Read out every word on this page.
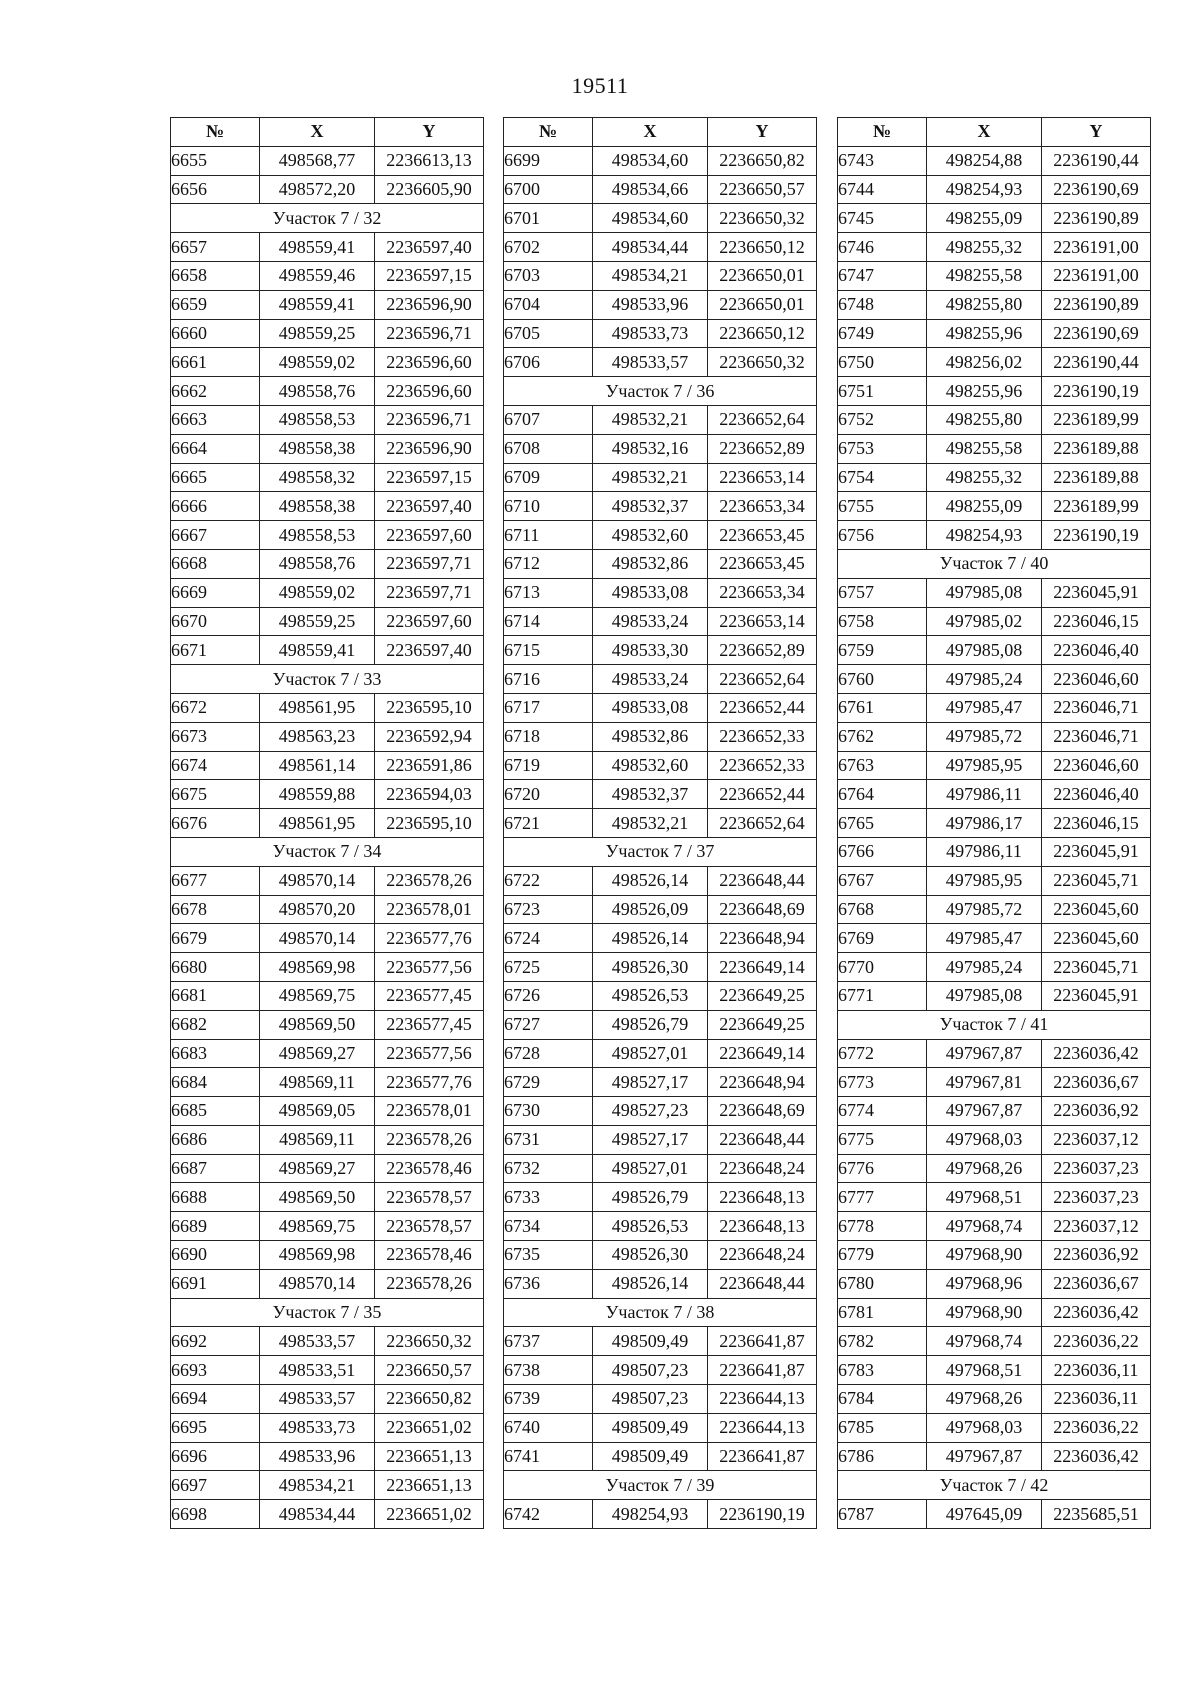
19511
№	X	Y
6655	498568,77	2236613,13
6656	498572,20	2236605,90
Участок 7 / 32		
6657	498559,41	2236597,40
6658	498559,46	2236597,15
6659	498559,41	2236596,90
6660	498559,25	2236596,71
6661	498559,02	2236596,60
6662	498558,76	2236596,60
6663	498558,53	2236596,71
6664	498558,38	2236596,90
6665	498558,32	2236597,15
6666	498558,38	2236597,40
6667	498558,53	2236597,60
6668	498558,76	2236597,71
6669	498559,02	2236597,71
6670	498559,25	2236597,60
6671	498559,41	2236597,40
Участок 7 / 33		
6672	498561,95	2236595,10
6673	498563,23	2236592,94
6674	498561,14	2236591,86
6675	498559,88	2236594,03
6676	498561,95	2236595,10
Участок 7 / 34		
6677	498570,14	2236578,26
6678	498570,20	2236578,01
6679	498570,14	2236577,76
6680	498569,98	2236577,56
6681	498569,75	2236577,45
6682	498569,50	2236577,45
6683	498569,27	2236577,56
6684	498569,11	2236577,76
6685	498569,05	2236578,01
6686	498569,11	2236578,26
6687	498569,27	2236578,46
6688	498569,50	2236578,57
6689	498569,75	2236578,57
6690	498569,98	2236578,46
6691	498570,14	2236578,26
Участок 7 / 35		
6692	498533,57	2236650,32
6693	498533,51	2236650,57
6694	498533,57	2236650,82
6695	498533,73	2236651,02
6696	498533,96	2236651,13
6697	498534,21	2236651,13
6698	498534,44	2236651,02
№	X	Y
6699	498534,60	2236650,82
6700	498534,66	2236650,57
6701	498534,60	2236650,32
6702	498534,44	2236650,12
6703	498534,21	2236650,01
6704	498533,96	2236650,01
6705	498533,73	2236650,12
6706	498533,57	2236650,32
Участок 7 / 36		
6707	498532,21	2236652,64
6708	498532,16	2236652,89
6709	498532,21	2236653,14
6710	498532,37	2236653,34
6711	498532,60	2236653,45
6712	498532,86	2236653,45
6713	498533,08	2236653,34
6714	498533,24	2236653,14
6715	498533,30	2236652,89
6716	498533,24	2236652,64
6717	498533,08	2236652,44
6718	498532,86	2236652,33
6719	498532,60	2236652,33
6720	498532,37	2236652,44
6721	498532,21	2236652,64
Участок 7 / 37		
6722	498526,14	2236648,44
6723	498526,09	2236648,69
6724	498526,14	2236648,94
6725	498526,30	2236649,14
6726	498526,53	2236649,25
6727	498526,79	2236649,25
6728	498527,01	2236649,14
6729	498527,17	2236648,94
6730	498527,23	2236648,69
6731	498527,17	2236648,44
6732	498527,01	2236648,24
6733	498526,79	2236648,13
6734	498526,53	2236648,13
6735	498526,30	2236648,24
6736	498526,14	2236648,44
Участок 7 / 38		
6737	498509,49	2236641,87
6738	498507,23	2236641,87
6739	498507,23	2236644,13
6740	498509,49	2236644,13
6741	498509,49	2236641,87
Участок 7 / 39		
6742	498254,93	2236190,19
№	X	Y
6743	498254,88	2236190,44
6744	498254,93	2236190,69
6745	498255,09	2236190,89
6746	498255,32	2236191,00
6747	498255,58	2236191,00
6748	498255,80	2236190,89
6749	498255,96	2236190,69
6750	498256,02	2236190,44
6751	498255,96	2236190,19
6752	498255,80	2236189,99
6753	498255,58	2236189,88
6754	498255,32	2236189,88
6755	498255,09	2236189,99
6756	498254,93	2236190,19
Участок 7 / 40		
6757	497985,08	2236045,91
6758	497985,02	2236046,15
6759	497985,08	2236046,40
6760	497985,24	2236046,60
6761	497985,47	2236046,71
6762	497985,72	2236046,71
6763	497985,95	2236046,60
6764	497986,11	2236046,40
6765	497986,17	2236046,15
6766	497986,11	2236045,91
6767	497985,95	2236045,71
6768	497985,72	2236045,60
6769	497985,47	2236045,60
6770	497985,24	2236045,71
6771	497985,08	2236045,91
Участок 7 / 41		
6772	497967,87	2236036,42
6773	497967,81	2236036,67
6774	497967,87	2236036,92
6775	497968,03	2236037,12
6776	497968,26	2236037,23
6777	497968,51	2236037,23
6778	497968,74	2236037,12
6779	497968,90	2236036,92
6780	497968,96	2236036,67
6781	497968,90	2236036,42
6782	497968,74	2236036,22
6783	497968,51	2236036,11
6784	497968,26	2236036,11
6785	497968,03	2236036,22
6786	497967,87	2236036,42
Участок 7 / 42		
6787	497645,09	2235685,51
